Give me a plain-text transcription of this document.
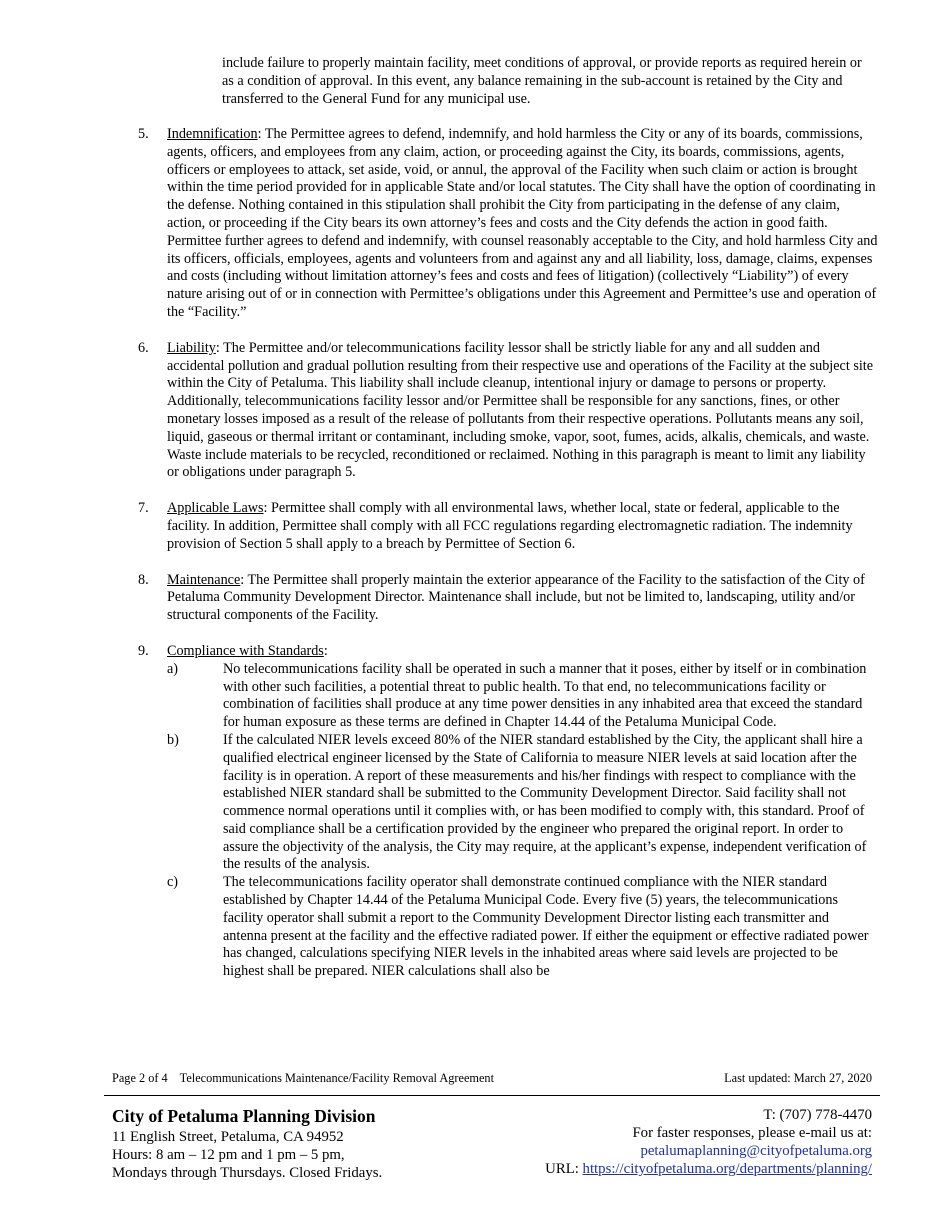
include failure to properly maintain facility, meet conditions of approval, or provide reports as required herein or as a condition of approval. In this event, any balance remaining in the sub-account is retained by the City and transferred to the General Fund for any municipal use.
5. Indemnification: The Permittee agrees to defend, indemnify, and hold harmless the City or any of its boards, commissions, agents, officers, and employees from any claim, action, or proceeding against the City, its boards, commissions, agents, officers or employees to attack, set aside, void, or annul, the approval of the Facility when such claim or action is brought within the time period provided for in applicable State and/or local statutes. The City shall have the option of coordinating in the defense. Nothing contained in this stipulation shall prohibit the City from participating in the defense of any claim, action, or proceeding if the City bears its own attorney’s fees and costs and the City defends the action in good faith. Permittee further agrees to defend and indemnify, with counsel reasonably acceptable to the City, and hold harmless City and its officers, officials, employees, agents and volunteers from and against any and all liability, loss, damage, claims, expenses and costs (including without limitation attorney’s fees and costs and fees of litigation) (collectively “Liability”) of every nature arising out of or in connection with Permittee’s obligations under this Agreement and Permittee’s use and operation of the “Facility.”
6. Liability: The Permittee and/or telecommunications facility lessor shall be strictly liable for any and all sudden and accidental pollution and gradual pollution resulting from their respective use and operations of the Facility at the subject site within the City of Petaluma. This liability shall include cleanup, intentional injury or damage to persons or property. Additionally, telecommunications facility lessor and/or Permittee shall be responsible for any sanctions, fines, or other monetary losses imposed as a result of the release of pollutants from their respective operations. Pollutants means any soil, liquid, gaseous or thermal irritant or contaminant, including smoke, vapor, soot, fumes, acids, alkalis, chemicals, and waste. Waste include materials to be recycled, reconditioned or reclaimed. Nothing in this paragraph is meant to limit any liability or obligations under paragraph 5.
7. Applicable Laws: Permittee shall comply with all environmental laws, whether local, state or federal, applicable to the facility. In addition, Permittee shall comply with all FCC regulations regarding electromagnetic radiation. The indemnity provision of Section 5 shall apply to a breach by Permittee of Section 6.
8. Maintenance: The Permittee shall properly maintain the exterior appearance of the Facility to the satisfaction of the City of Petaluma Community Development Director. Maintenance shall include, but not be limited to, landscaping, utility and/or structural components of the Facility.
9. Compliance with Standards:
a)	No telecommunications facility shall be operated in such a manner that it poses, either by itself or in combination with other such facilities, a potential threat to public health. To that end, no telecommunications facility or combination of facilities shall produce at any time power densities in any inhabited area that exceed the standard for human exposure as these terms are defined in Chapter 14.44 of the Petaluma Municipal Code.
b)	If the calculated NIER levels exceed 80% of the NIER standard established by the City, the applicant shall hire a qualified electrical engineer licensed by the State of California to measure NIER levels at said location after the facility is in operation. A report of these measurements and his/her findings with respect to compliance with the established NIER standard shall be submitted to the Community Development Director. Said facility shall not commence normal operations until it complies with, or has been modified to comply with, this standard. Proof of said compliance shall be a certification provided by the engineer who prepared the original report. In order to assure the objectivity of the analysis, the City may require, at the applicant’s expense, independent verification of the results of the analysis.
c)	The telecommunications facility operator shall demonstrate continued compliance with the NIER standard established by Chapter 14.44 of the Petaluma Municipal Code. Every five (5) years, the telecommunications facility operator shall submit a report to the Community Development Director listing each transmitter and antenna present at the facility and the effective radiated power. If either the equipment or effective radiated power has changed, calculations specifying NIER levels in the inhabited areas where said levels are projected to be highest shall be prepared. NIER calculations shall also be
Page 2 of 4 Telecommunications Maintenance/Facility Removal Agreement	Last updated: March 27, 2020
City of Petaluma Planning Division
11 English Street, Petaluma, CA 94952
Hours: 8 am – 12 pm and 1 pm – 5 pm,
Mondays through Thursdays. Closed Fridays.
T: (707) 778-4470
For faster responses, please e-mail us at:
petalumaplanning@cityofpetaluma.org
URL: https://cityofpetaluma.org/departments/planning/
